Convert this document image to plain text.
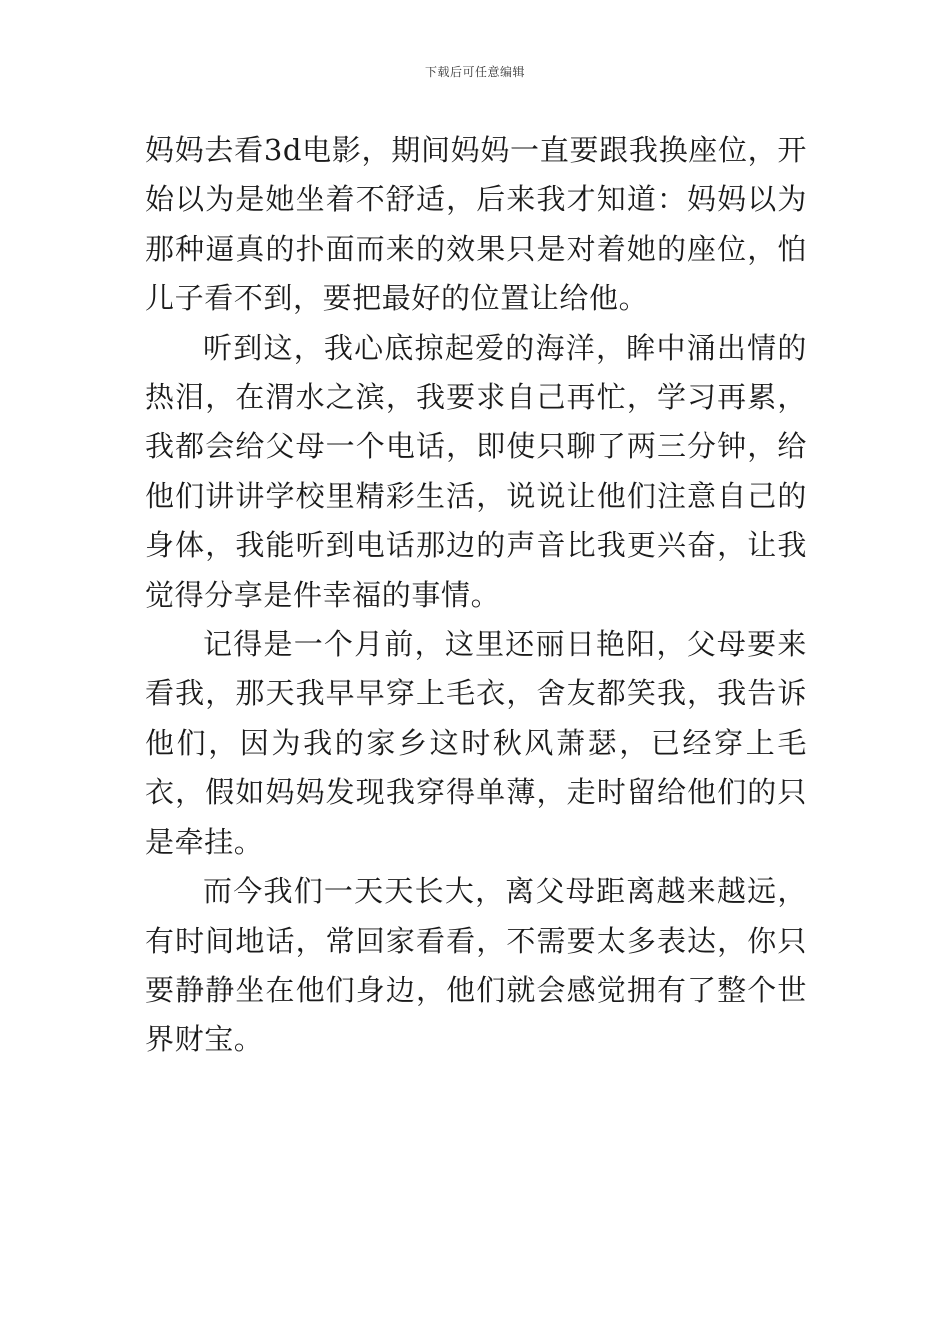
下载后可任意编辑

妈妈去看3d电影，期间妈妈一直要跟我换座位，开始以为是她坐着不舒适，后来我才知道：妈妈以为那种逼真的扑面而来的效果只是对着她的座位，怕儿子看不到，要把最好的位置让给他。

听到这，我心底掠起爱的海洋，眸中涌出情的热泪，在渭水之滨，我要求自己再忙，学习再累，我都会给父母一个电话，即使只聊了两三分钟，给他们讲讲学校里精彩生活，说说让他们注意自己的身体，我能听到电话那边的声音比我更兴奋，让我觉得分享是件幸福的事情。

记得是一个月前，这里还丽日艳阳，父母要来看我，那天我早早穿上毛衣，舍友都笑我，我告诉他们，因为我的家乡这时秋风萧瑟，已经穿上毛衣，假如妈妈发现我穿得单薄，走时留给他们的只是牵挂。

而今我们一天天长大，离父母距离越来越远，有时间地话，常回家看看，不需要太多表达，你只要静静坐在他们身边，他们就会感觉拥有了整个世界财宝。
